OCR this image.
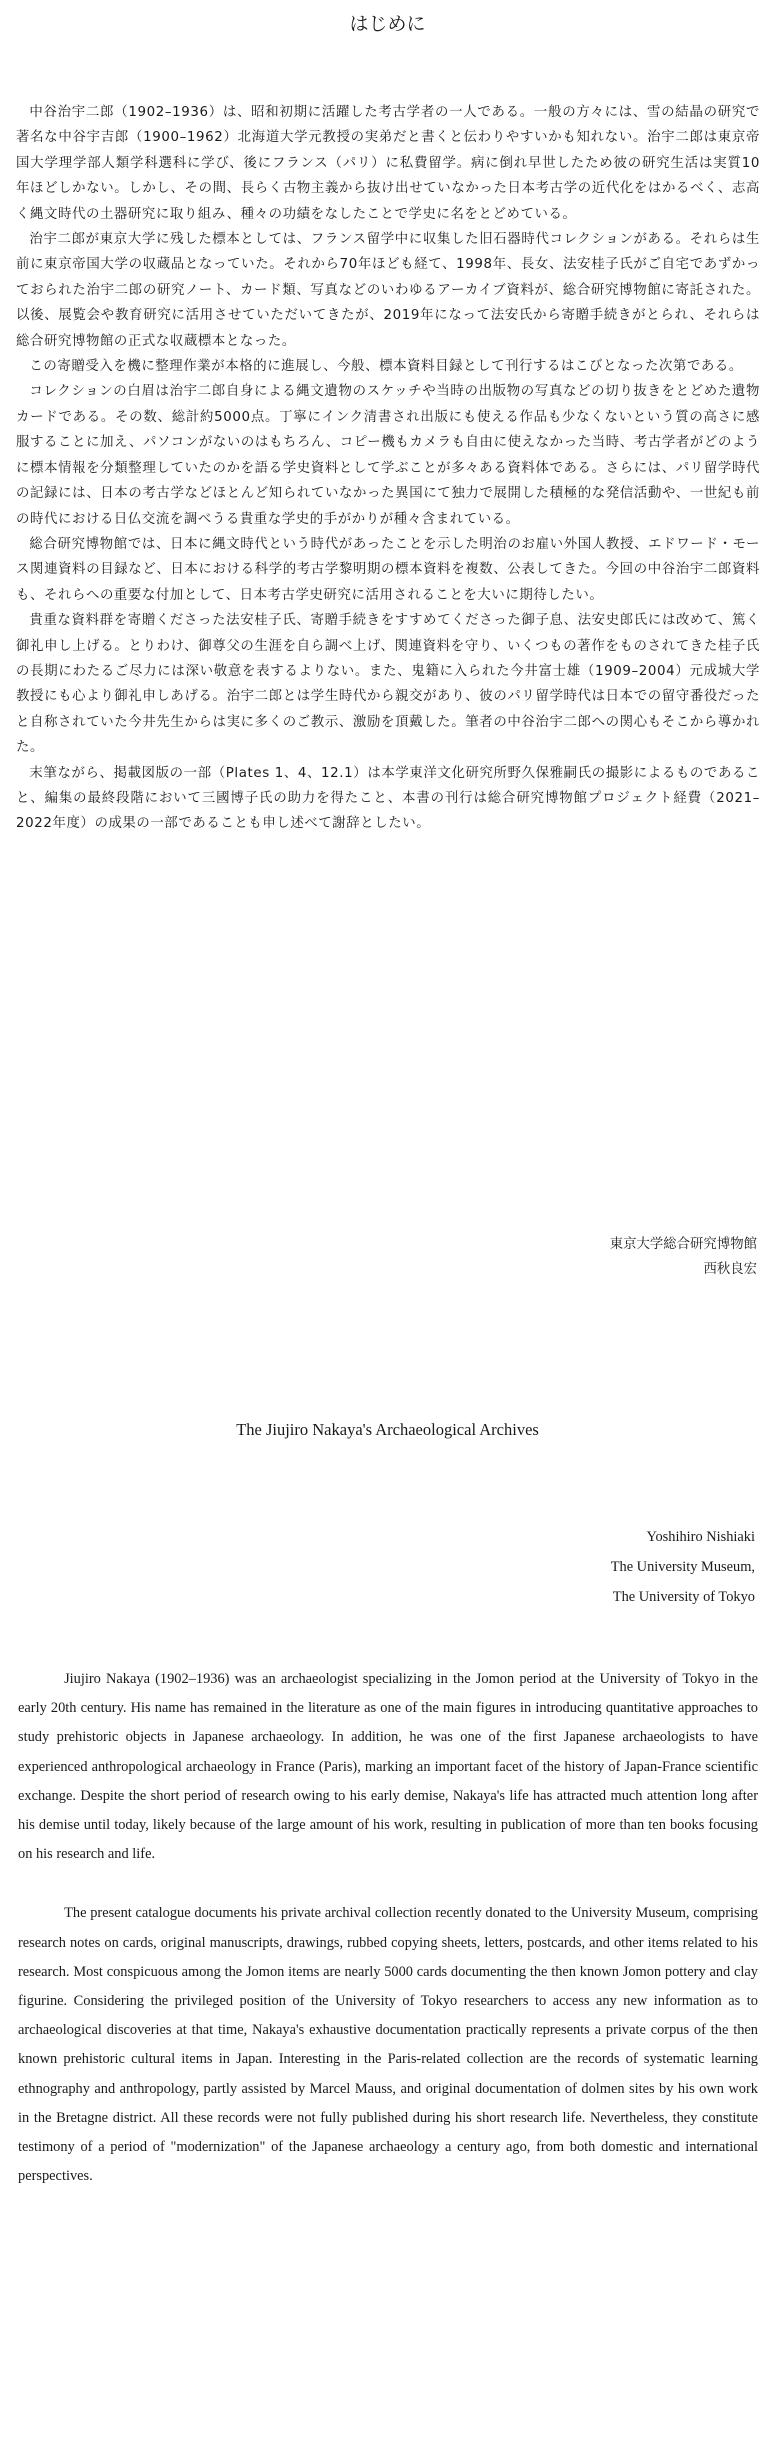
はじめに

中谷治宇二郎（1902–1936）は、昭和初期に活躍した考古学者の一人である。一般の方々には、雪の結晶の研究で著名な中谷宇吉郎（1900–1962）北海道大学元教授の実弟だと書くと伝わりやすいかも知れない。治宇二郎は東京帝国大学理学部人類学科選科に学び、後にフランス（パリ）に私費留学。病に倒れ早世したため彼の研究生活は実質10年ほどしかない。しかし、その間、長らく古物主義から抜け出せていなかった日本考古学の近代化をはかるべく、志高く縄文時代の土器研究に取り組み、種々の功績をなしたことで学史に名をとどめている。

治宇二郎が東京大学に残した標本としては、フランス留学中に収集した旧石器時代コレクションがある。それらは生前に東京帝国大学の収蔵品となっていた。それから70年ほども経て、1998年、長女、法安桂子氏がご自宅であずかっておられた治宇二郎の研究ノート、カード類、写真などのいわゆるアーカイブ資料が、総合研究博物館に寄託された。以後、展覧会や教育研究に活用させていただいてきたが、2019年になって法安氏から寄贈手続きがとられ、それらは総合研究博物館の正式な収蔵標本となった。

この寄贈受入を機に整理作業が本格的に進展し、今般、標本資料目録として刊行するはこびとなった次第である。

コレクションの白眉は治宇二郎自身による縄文遺物のスケッチや当時の出版物の写真などの切り抜きをとどめた遺物カードである。その数、総計約5000点。丁寧にインク清書され出版にも使える作品も少なくないという質の高さに感服することに加え、パソコンがないのはもちろん、コピー機もカメラも自由に使えなかった当時、考古学者がどのように標本情報を分類整理していたのかを語る学史資料として学ぶことが多々ある資料体である。さらには、パリ留学時代の記録には、日本の考古学などほとんど知られていなかった異国にて独力で展開した積極的な発信活動や、一世紀も前の時代における日仏交流を調べうる貴重な学史的手がかりが種々含まれている。

総合研究博物館では、日本に縄文時代という時代があったことを示した明治のお雇い外国人教授、エドワード・モース関連資料の目録など、日本における科学的考古学黎明期の標本資料を複数、公表してきた。今回の中谷治宇二郎資料も、それらへの重要な付加として、日本考古学史研究に活用されることを大いに期待したい。

貴重な資料群を寄贈くださった法安桂子氏、寄贈手続きをすすめてくださった御子息、法安史郎氏には改めて、篤く御礼申し上げる。とりわけ、御尊父の生涯を自ら調べ上げ、関連資料を守り、いくつもの著作をものされてきた桂子氏の長期にわたるご尽力には深い敬意を表するよりない。また、鬼籍に入られた今井富士雄（1909–2004）元成城大学教授にも心より御礼申しあげる。治宇二郎とは学生時代から親交があり、彼のパリ留学時代は日本での留守番役だったと自称されていた今井先生からは実に多くのご教示、激励を頂戴した。筆者の中谷治宇二郎への関心もそこから導かれた。

末筆ながら、掲載図版の一部（Plates 1、4、12.1）は本学東洋文化研究所野久保雅嗣氏の撮影によるものであること、編集の最終段階において三國博子氏の助力を得たこと、本書の刊行は総合研究博物館プロジェクト経費（2021–2022年度）の成果の一部であることも申し述べて謝辞としたい。

東京大学総合研究博物館
西秋良宏
The Jiujiro Nakaya's Archaeological Archives
Yoshihiro Nishiaki
The University Museum,
The University of Tokyo

Jiujiro Nakaya (1902–1936) was an archaeologist specializing in the Jomon period at the University of Tokyo in the early 20th century. His name has remained in the literature as one of the main figures in introducing quantitative approaches to study prehistoric objects in Japanese archaeology. In addition, he was one of the first Japanese archaeologists to have experienced anthropological archaeology in France (Paris), marking an important facet of the history of Japan-France scientific exchange. Despite the short period of research owing to his early demise, Nakaya's life has attracted much attention long after his demise until today, likely because of the large amount of his work, resulting in publication of more than ten books focusing on his research and life.

The present catalogue documents his private archival collection recently donated to the University Museum, comprising research notes on cards, original manuscripts, drawings, rubbed copying sheets, letters, postcards, and other items related to his research. Most conspicuous among the Jomon items are nearly 5000 cards documenting the then known Jomon pottery and clay figurine. Considering the privileged position of the University of Tokyo researchers to access any new information as to archaeological discoveries at that time, Nakaya's exhaustive documentation practically represents a private corpus of the then known prehistoric cultural items in Japan. Interesting in the Paris-related collection are the records of systematic learning ethnography and anthropology, partly assisted by Marcel Mauss, and original documentation of dolmen sites by his own work in the Bretagne district. All these records were not fully published during his short research life. Nevertheless, they constitute testimony of a period of "modernization" of the Japanese archaeology a century ago, from both domestic and international perspectives.
